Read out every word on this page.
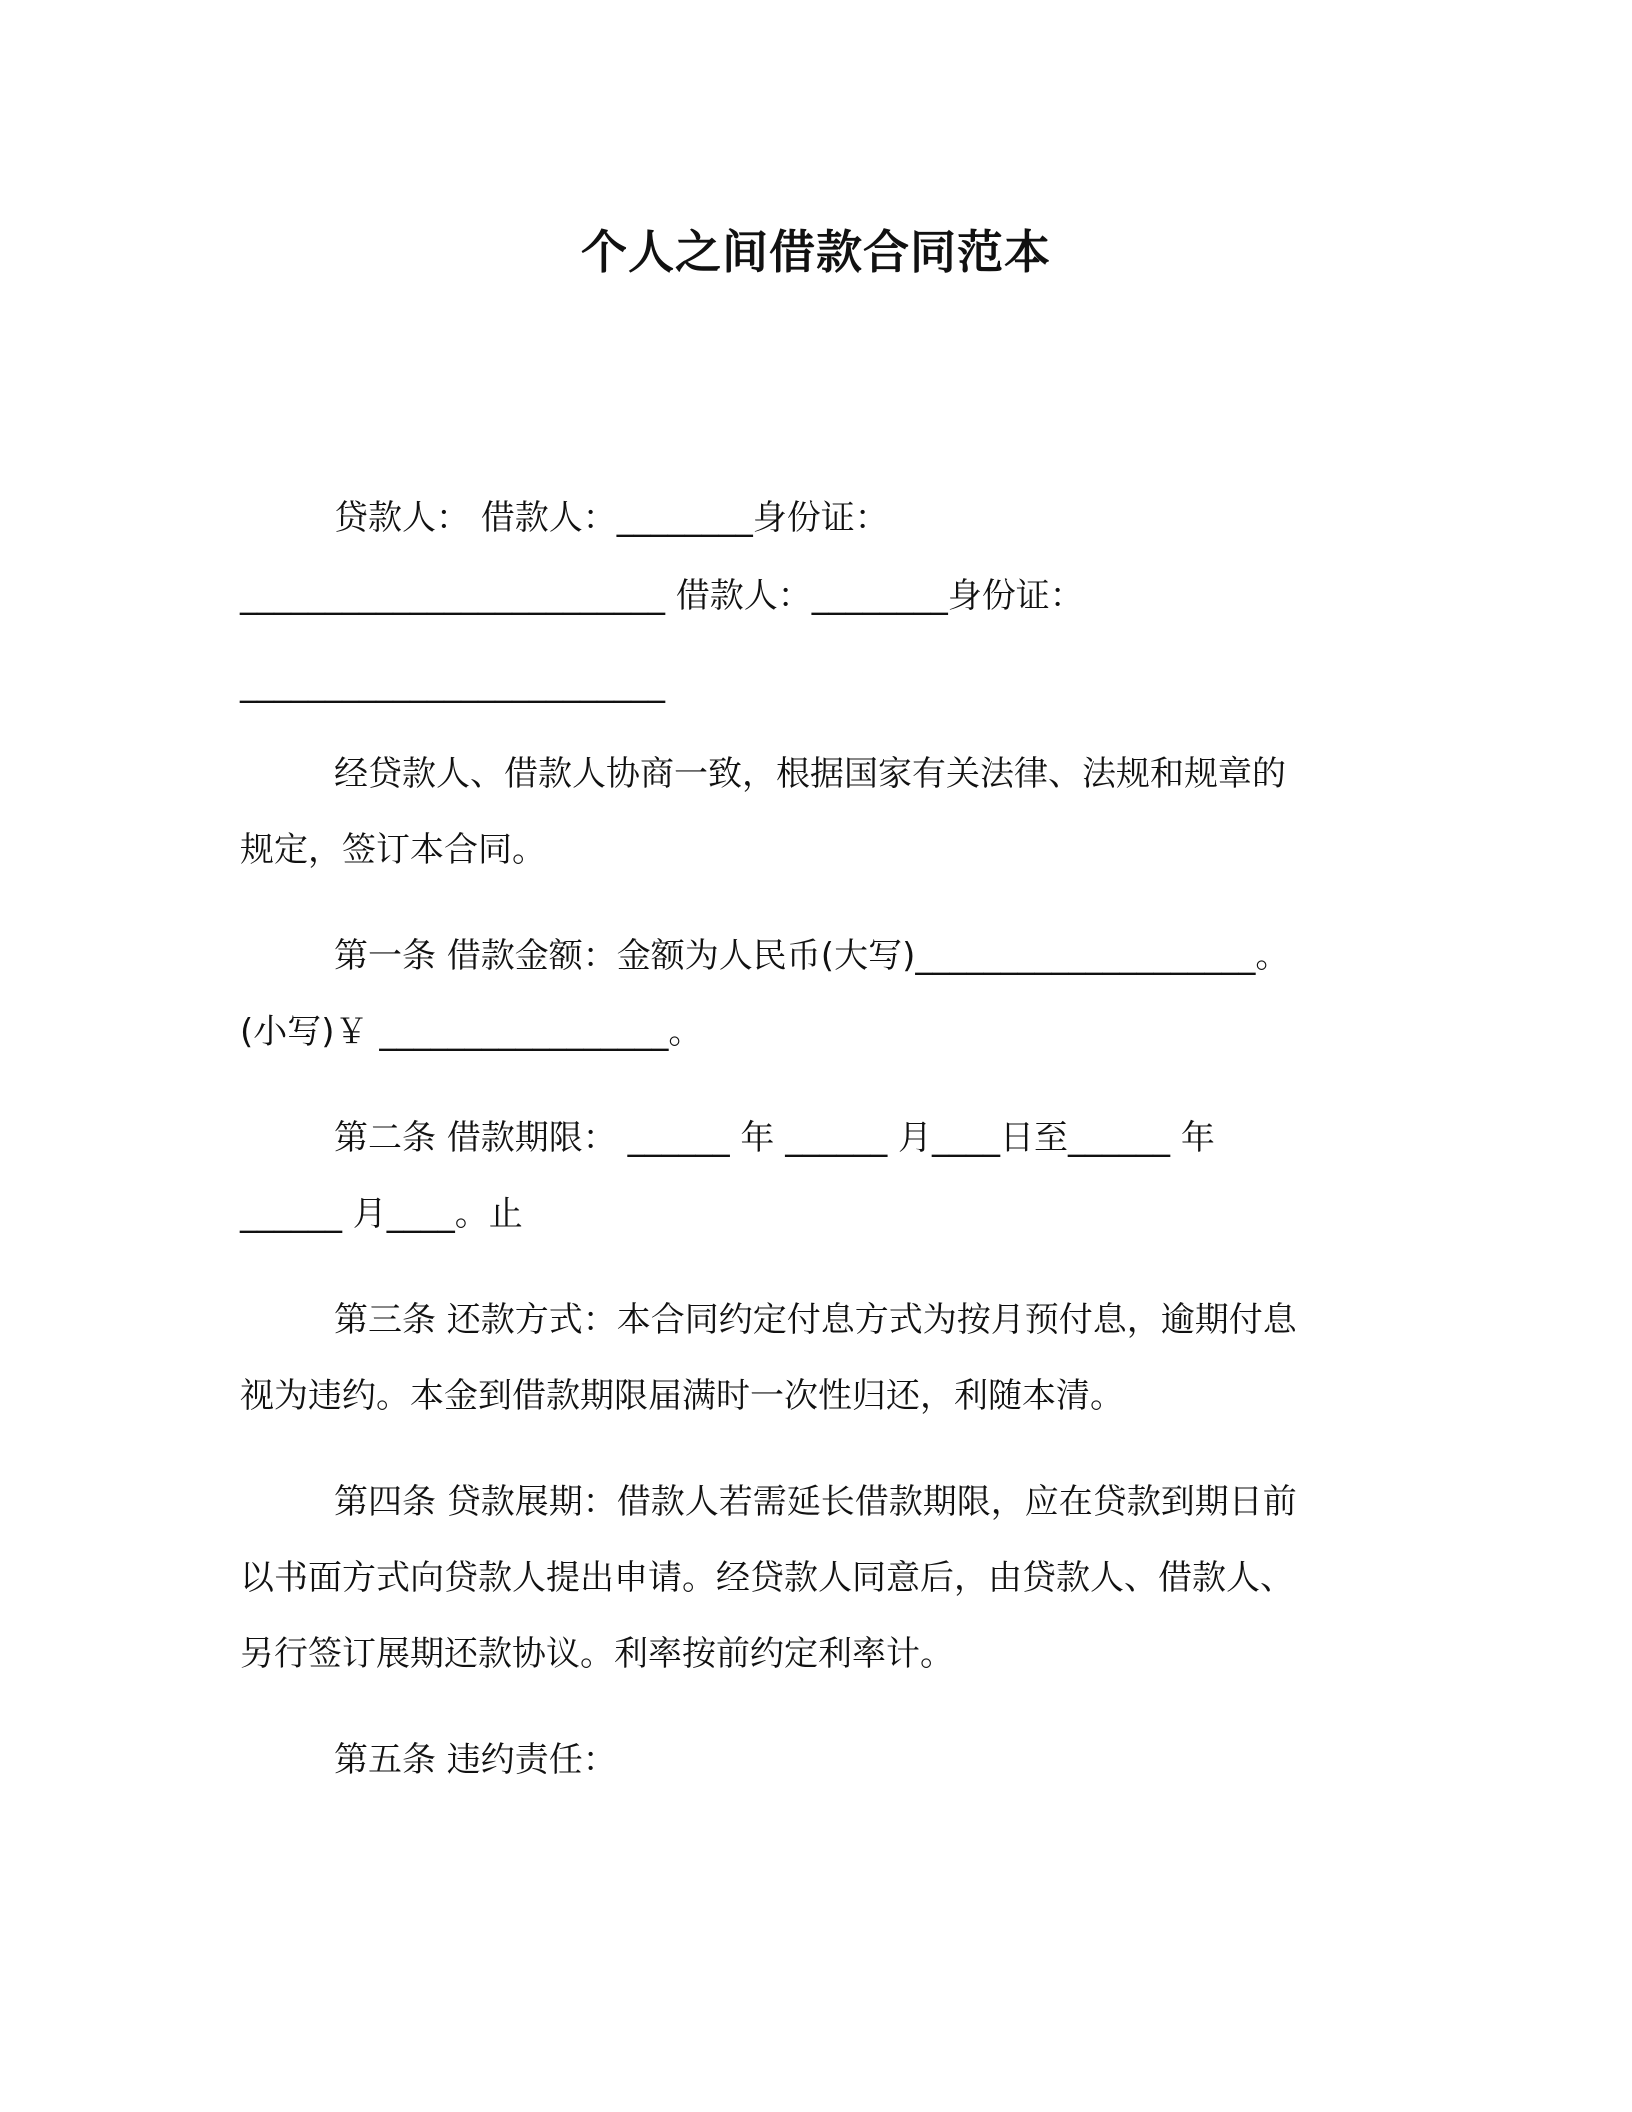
个人之间借款合同范本
贷款人： 借款人：________身份证：
_________________________ 借款人：________身份证：
_________________________
经贷款人、借款人协商一致，根据国家有关法律、法规和规章的
规定，签订本合同。
第一条 借款金额：金额为人民币(大写)____________________。
(小写)￥ _________________。
第二条 借款期限： ______ 年 ______ 月____日至______ 年
______ 月____。止
第三条 还款方式：本合同约定付息方式为按月预付息，逾期付息
视为违约。本金到借款期限届满时一次性归还，利随本清。
第四条 贷款展期：借款人若需延长借款期限，应在贷款到期日前
以书面方式向贷款人提出申请。经贷款人同意后，由贷款人、借款人、
另行签订展期还款协议。利率按前约定利率计。
第五条 违约责任：
